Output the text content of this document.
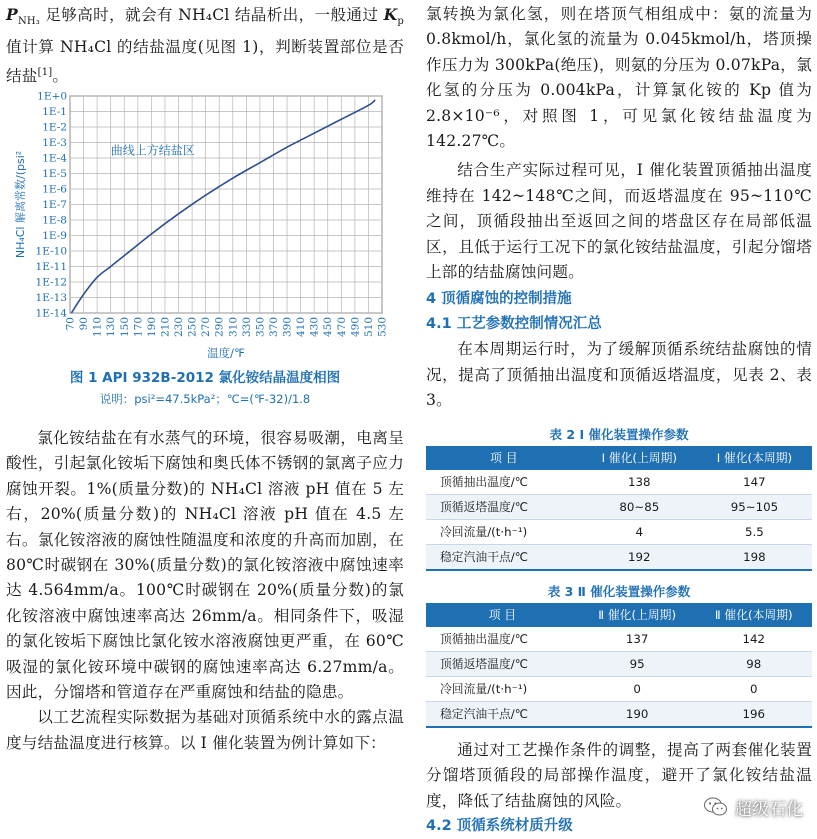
$P_{NH_3}$ 足够高时，就会有 NH₄Cl 结晶析出，一般通过 $K_p$ 值计算 NH₄Cl 的结盐温度(见图 1)，判断装置部位是否结盐[1]。

70 90 110 130 150 170 190 210 230 250 270 290 310 330 350 370 390 410 430 450 470 490 510 530
1E+0
1E-1
1E-2
1E-3
1E-4
1E-5
1E-6
1E-7
1E-8
1E-9
1E-10
1E-11
1E-12
1E-13
1E-14
NH₄Cl 解离常数/(psi²
温度/℉
曲线上方结盐区
图 1 API 932B-2012 氯化铵结晶温度相图
说明：psi²=47.5kPa²；℃=(℉-32)/1.8

氯化铵结盐在有水蒸气的环境，很容易吸潮，电离呈酸性，引起氯化铵垢下腐蚀和奥氏体不锈钢的氯离子应力腐蚀开裂。1%(质量分数)的 NH₄Cl 溶液 pH 值在 5 左右，20%(质量分数)的 NH₄Cl 溶液 pH 值在 4.5 左右。氯化铵溶液的腐蚀性随温度和浓度的升高而加剧，在 80℃时碳钢在 30%(质量分数)的氯化铵溶液中腐蚀速率达 4.564mm/a。100℃时碳钢在 20%(质量分数)的氯化铵溶液中腐蚀速率高达 26mm/a。相同条件下，吸湿的氯化铵垢下腐蚀比氯化铵水溶液腐蚀更严重，在 60℃吸湿的氯化铵环境中碳钢的腐蚀速率高达 6.27mm/a。因此，分馏塔和管道存在严重腐蚀和结盐的隐患。

以工艺流程实际数据为基础对顶循系统中水的露点温度与结盐温度进行核算。以 Ⅰ 催化装置为例计算如下：

氯转换为氯化氢，则在塔顶气相组成中：氨的流量为 0.8kmol/h，氯化氢的流量为 0.045kmol/h，塔顶操作压力为 300kPa(绝压)，则氨的分压为 0.07kPa，氯化氢的分压为 0.004kPa，计算氯化铵的 Kp 值为 2.8×10⁻⁶，对照图 1，可见氯化铵结盐温度为 142.27℃。

结合生产实际过程可见，Ⅰ 催化装置顶循抽出温度维持在 142~148℃之间，而返塔温度在 95~110℃之间，顶循段抽出至返回之间的塔盘区存在局部低温区，且低于运行工况下的氯化铵结盐温度，引起分馏塔上部的结盐腐蚀问题。

4 顶循腐蚀的控制措施

4.1 工艺参数控制情况汇总

在本周期运行时，为了缓解顶循系统结盐腐蚀的情况，提高了顶循抽出温度和顶循返塔温度，见表 2、表 3。

表 2 Ⅰ 催化装置操作参数

项 目	Ⅰ 催化(上周期)	Ⅰ 催化(本周期)
顶循抽出温度/℃	138	147
顶循返塔温度/℃	80~85	95~105
冷回流量/(t·h⁻¹)	4	5.5
稳定汽油干点/℃	192	198

表 3 Ⅱ 催化装置操作参数

项 目	Ⅱ 催化(上周期)	Ⅱ 催化(本周期)
顶循抽出温度/℃	137	142
顶循返塔温度/℃	95	98
冷回流量/(t·h⁻¹)	0	0
稳定汽油干点/℃	190	196

通过对工艺操作条件的调整，提高了两套催化装置分馏塔顶循段的局部操作温度，避开了氯化铵结盐温度，降低了结盐腐蚀的风险。

4.2 顶循系统材质升级

超级石化
